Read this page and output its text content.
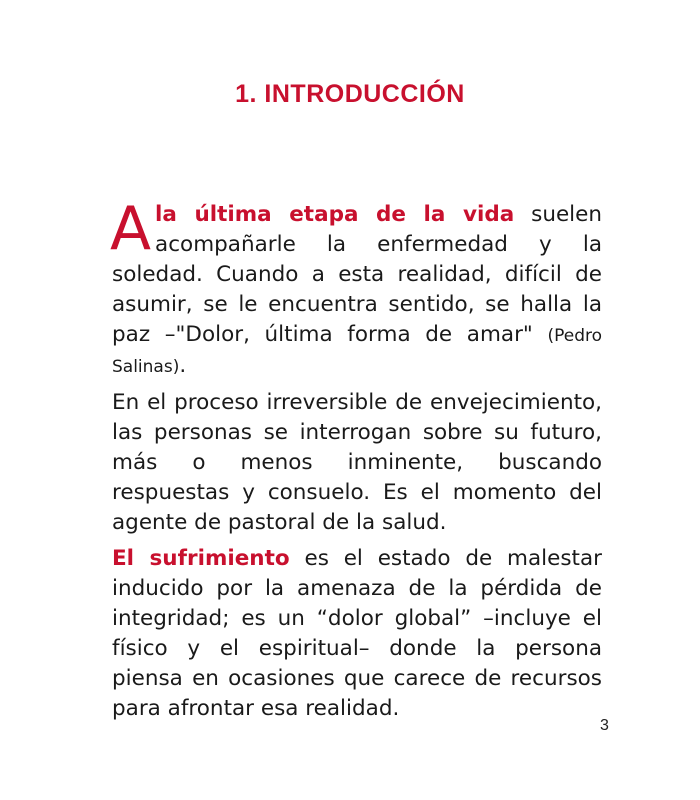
1. INTRODUCCIÓN

Ala última etapa de la vida suelen acompañarle la enfermedad y la soledad. Cuando a esta realidad, difícil de asumir, se le encuentra sentido, se halla la paz –"Dolor, última forma de amar" (Pedro Salinas).

En el proceso irreversible de envejecimiento, las personas se interrogan sobre su futuro, más o menos inminente, buscando respuestas y consuelo. Es el momento del agente de pastoral de la salud.

El sufrimiento es el estado de malestar inducido por la amenaza de la pérdida de integridad; es un “dolor global” –incluye el físico y el espiritual– donde la persona piensa en ocasiones que carece de recursos para afrontar esa realidad.

3
